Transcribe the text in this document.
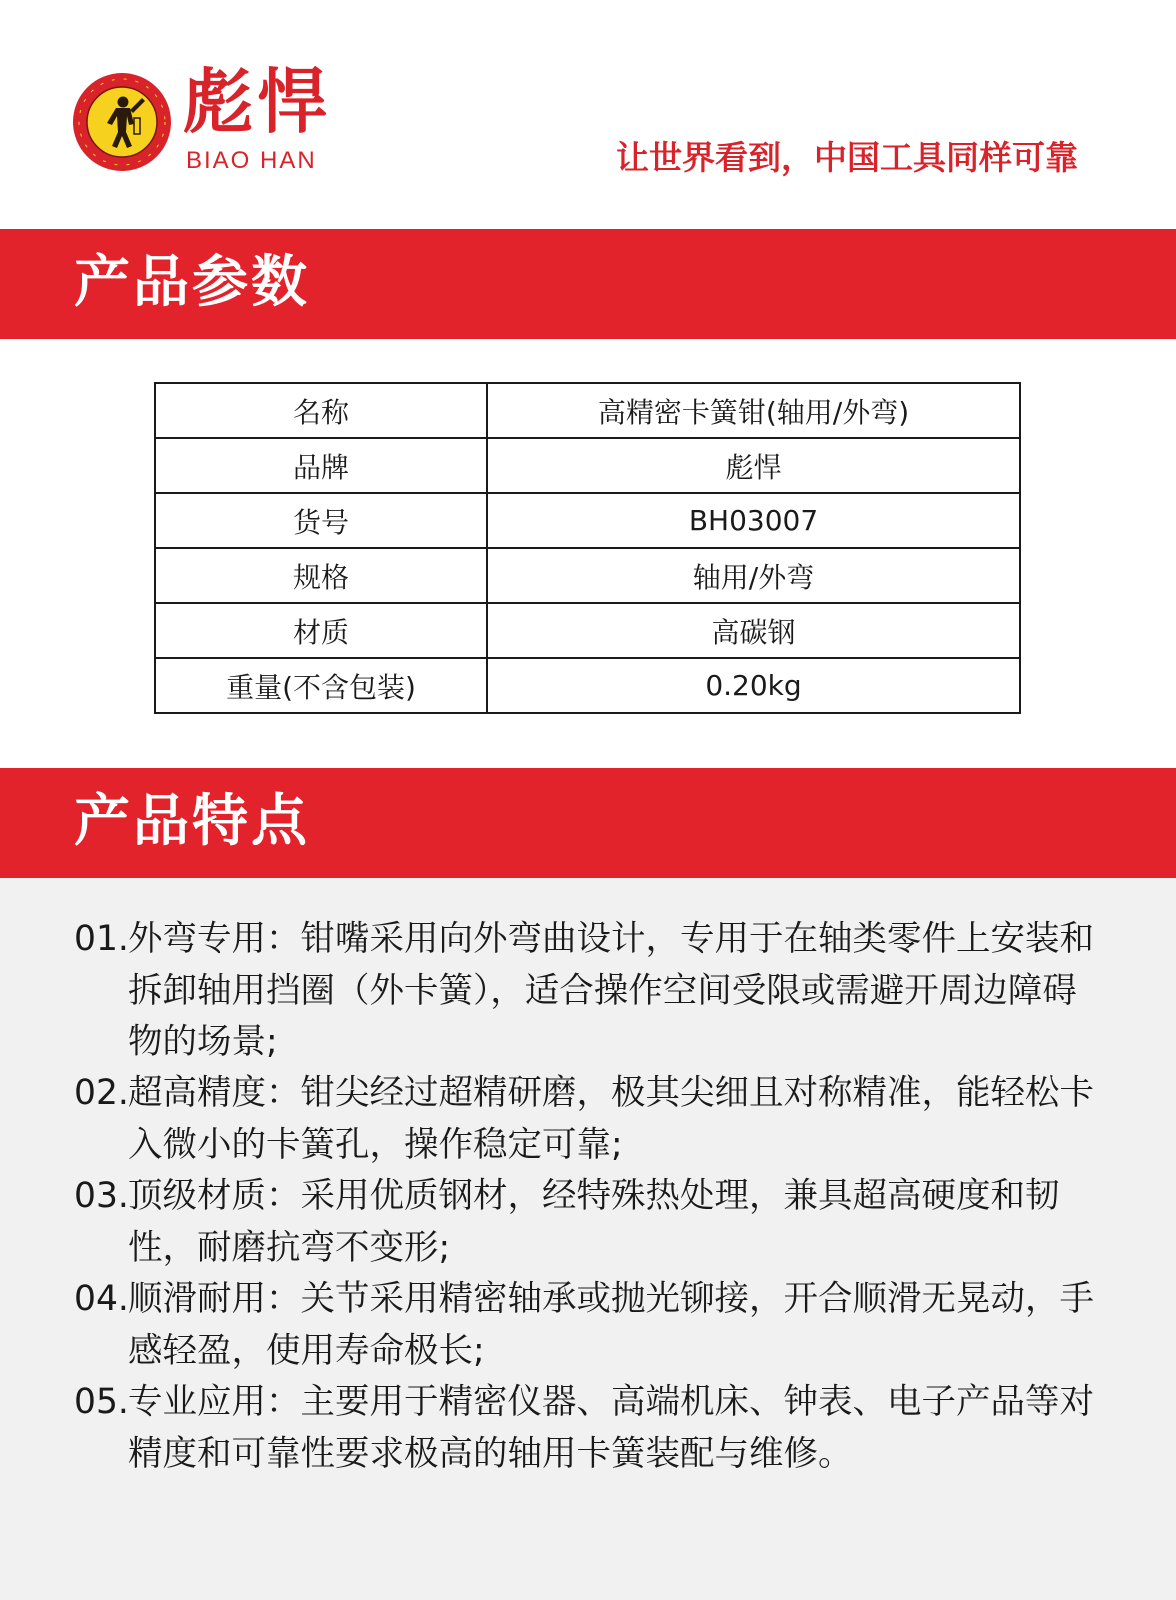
彪悍
BIAO HAN	让世界看到，中国工具同样可靠
产品参数
名称	高精密卡簧钳(轴用/外弯)
品牌	彪悍
货号	BH03007
规格	轴用/外弯
材质	高碳钢
重量(不含包装)	0.20kg
产品特点
01. 外弯专用：钳嘴采用向外弯曲设计，专用于在轴类零件上安装和拆卸轴用挡圈（外卡簧），适合操作空间受限或需避开周边障碍物的场景;
02. 超高精度：钳尖经过超精研磨，极其尖细且对称精准，能轻松卡入微小的卡簧孔，操作稳定可靠;
03. 顶级材质：采用优质钢材，经特殊热处理，兼具超高硬度和韧性，耐磨抗弯不变形;
04. 顺滑耐用：关节采用精密轴承或抛光铆接，开合顺滑无晃动，手感轻盈，使用寿命极长;
05. 专业应用：主要用于精密仪器、高端机床、钟表、电子产品等对精度和可靠性要求极高的轴用卡簧装配与维修。
